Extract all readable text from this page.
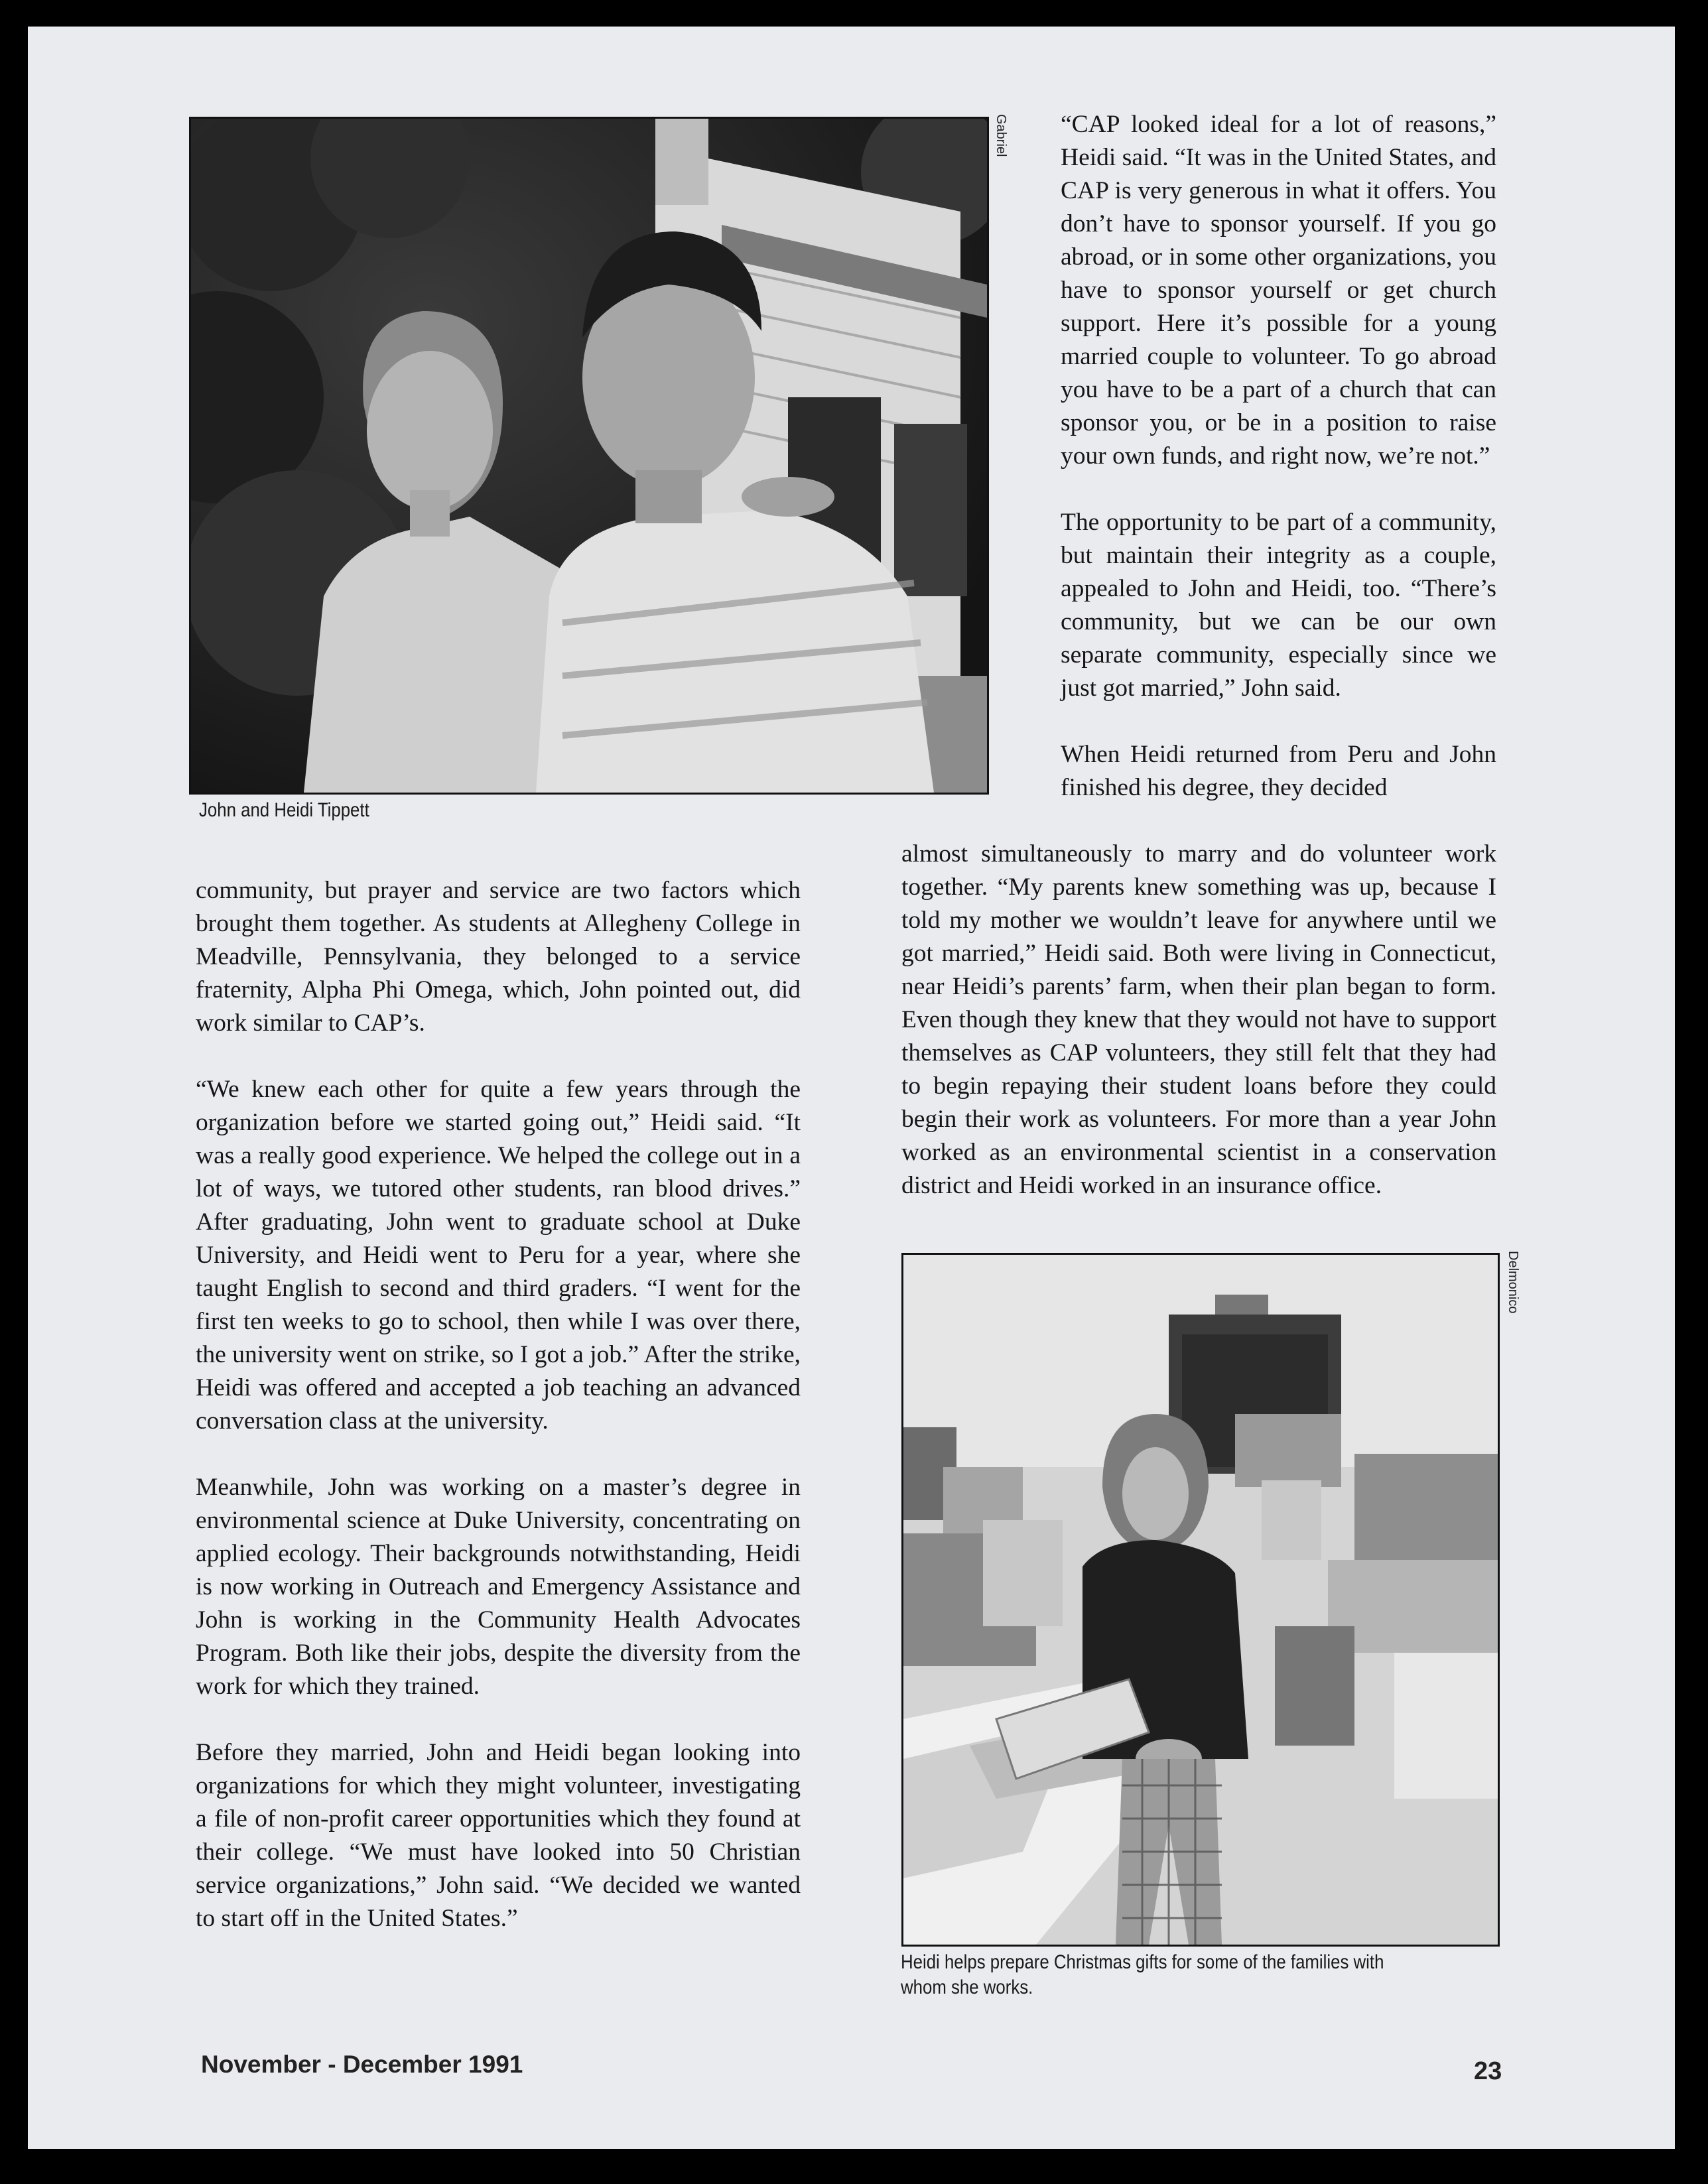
Gabriel
John and Heidi Tippett

community, but prayer and service are two factors which brought them together. As students at Allegheny College in Meadville, Pennsylvania, they belonged to a service fraternity, Alpha Phi Omega, which, John pointed out, did work similar to CAP’s.

“We knew each other for quite a few years through the organization before we started going out,” Heidi said. “It was a really good experience. We helped the college out in a lot of ways, we tutored other students, ran blood drives.” After graduating, John went to graduate school at Duke University, and Heidi went to Peru for a year, where she taught English to second and third graders. “I went for the first ten weeks to go to school, then while I was over there, the university went on strike, so I got a job.” After the strike, Heidi was offered and accepted a job teaching an advanced conversation class at the university.

Meanwhile, John was working on a master’s degree in environmental science at Duke University, concentrating on applied ecology. Their backgrounds notwithstanding, Heidi is now working in Outreach and Emergency Assistance and John is working in the Community Health Advocates Program. Both like their jobs, despite the diversity from the work for which they trained.

Before they married, John and Heidi began looking into organizations for which they might volunteer, investigating a file of non-profit career opportunities which they found at their college. “We must have looked into 50 Christian service organizations,” John said. “We decided we wanted to start off in the United States.”

“CAP looked ideal for a lot of reasons,” Heidi said. “It was in the United States, and CAP is very generous in what it offers. You don’t have to sponsor yourself. If you go abroad, or in some other organizations, you have to sponsor yourself or get church support. Here it’s possible for a young married couple to volunteer. To go abroad you have to be a part of a church that can sponsor you, or be in a position to raise your own funds, and right now, we’re not.”

The opportunity to be part of a community, but maintain their integrity as a couple, appealed to John and Heidi, too. “There’s community, but we can be our own separate community, especially since we just got married,” John said.

When Heidi returned from Peru and John finished his degree, they decided

almost simultaneously to marry and do volunteer work together. “My parents knew something was up, because I told my mother we wouldn’t leave for anywhere until we got married,” Heidi said. Both were living in Connecticut, near Heidi’s parents’ farm, when their plan began to form. Even though they knew that they would not have to support themselves as CAP volunteers, they still felt that they had to begin repaying their student loans before they could begin their work as volunteers. For more than a year John worked as an environmental scientist in a conservation district and Heidi worked in an insurance office.

Delmonico
Heidi helps prepare Christmas gifts for some of the families with
whom she works.
November - December 1991	23
